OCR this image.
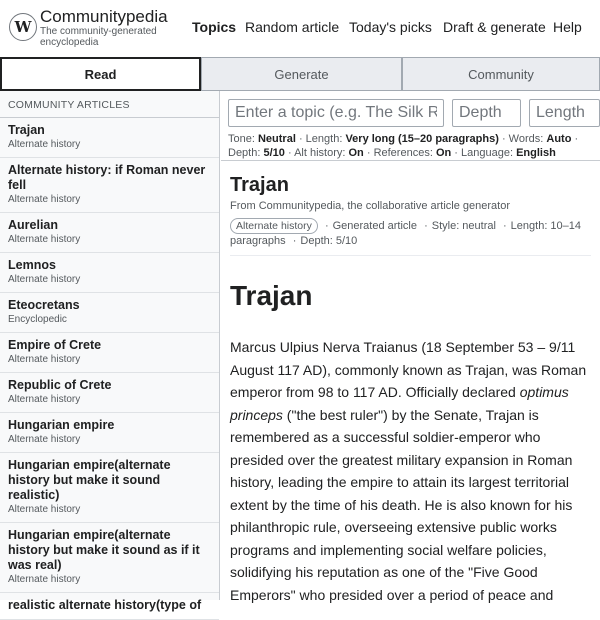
W
Communitypedia
The community-generated encyclopedia
Topics Random article Today's picks Draft & generate Help
Read	Generate	Community
COMMUNITY ARTICLES
Trajan
Alternate history
Alternate history: if Roman never fell
Alternate history
Aurelian
Alternate history
Lemnos
Alternate history
Eteocretans
Encyclopedic
Empire of Crete
Alternate history
Republic of Crete
Alternate history
Hungarian empire
Alternate history
Hungarian empire(alternate history but make it sound realistic)
Alternate history
Hungarian empire(alternate history but make it sound as if it was real)
Alternate history
realistic alternate history(type of
Enter a topic (e.g. The Silk Road)
Depth
Length
Tone: Neutral · Length: Very long (15–20 paragraphs) · Words: Auto · Depth: 5/10 · Alt history: On · References: On · Language: English
Trajan
From Communitypedia, the collaborative article generator
Alternate history · Generated article · Style: neutral · Length: 10–14 paragraphs · Depth: 5/10
Trajan

Marcus Ulpius Nerva Traianus (18 September 53 – 9/11 August 117 AD), commonly known as Trajan, was Roman emperor from 98 to 117 AD. Officially declared optimus princeps ("the best ruler") by the Senate, Trajan is remembered as a successful soldier-emperor who presided over the greatest military expansion in Roman history, leading the empire to attain its largest territorial extent by the time of his death. He is also known for his philanthropic rule, overseeing extensive public works programs and implementing social welfare policies, solidifying his reputation as one of the "Five Good Emperors" who presided over a period of peace and
